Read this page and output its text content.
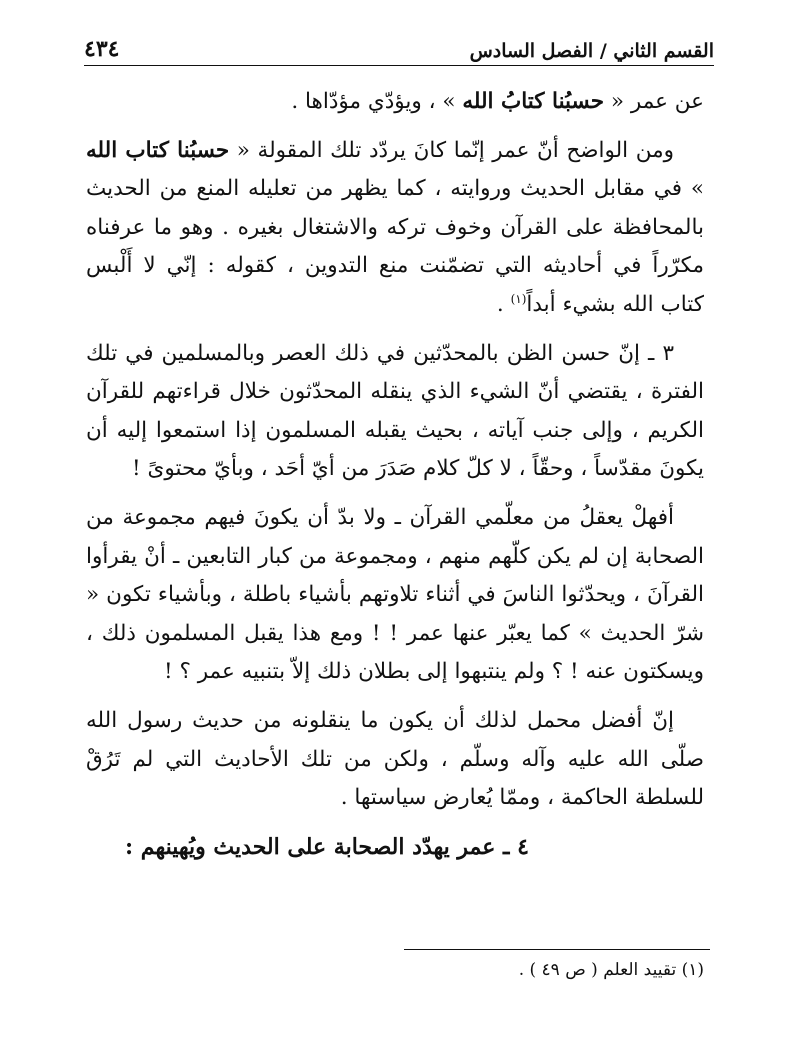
القسم الثاني / الفصل السادس
٤٣٤

عن عمر « حسبُنا كتابُ الله » ، ويؤدّي مؤدّاها .

ومن الواضح أنّ عمر إنّما كانَ يردّد تلك المقولة « حسبُنا كتاب الله » في مقابل الحديث وروايته ، كما يظهر من تعليله المنع من الحديث بالمحافظة على القرآن وخوف تركه والاشتغال بغيره . وهو ما عرفناه مكرّراً في أحاديثه التي تضمّنت منع التدوين ، كقوله : إنّي لا أَلْبس كتاب الله بشيء أبداً$^{(١)}$ .

٣ ـ إنّ حسن الظن بالمحدّثين في ذلك العصر وبالمسلمين في تلك الفترة ، يقتضي أنّ الشيء الذي ينقله المحدّثون خلال قراءتهم للقرآن الكريم ، وإلى جنب آياته ، بحيث يقبله المسلمون إذا استمعوا إليه أن يكونَ مقدّساً ، وحقّاً ، لا كلّ كلام صَدَرَ من أيّ أحَد ، وبأيّ محتوىً !

أفهلْ يعقلُ من معلّمي القرآن ـ ولا بدّ أن يكونَ فيهم مجموعة من الصحابة إن لم يكن كلّهم منهم ، ومجموعة من كبار التابعين ـ أنْ يقرأوا القرآنَ ، ويحدّثوا الناسَ في أثناء تلاوتهم بأشياء باطلة ، وبأشياء تكون « شرّ الحديث » كما يعبّر عنها عمر ! ! ومع هذا يقبل المسلمون ذلك ، ويسكتون عنه ! ؟ ولم ينتبهوا إلى بطلان ذلك إلاّ بتنبيه عمر ؟ !

إنّ أفضل محمل لذلك أن يكون ما ينقلونه من حديث رسول الله صلّى الله عليه وآله وسلّم ، ولكن من تلك الأحاديث التي لم تَرُقْ للسلطة الحاكمة ، وممّا يُعارض سياستها .

٤ ـ عمر يهدّد الصحابة على الحديث ويُهينهم :

(١) تقييد العلم ( ص ٤٩ ) .
